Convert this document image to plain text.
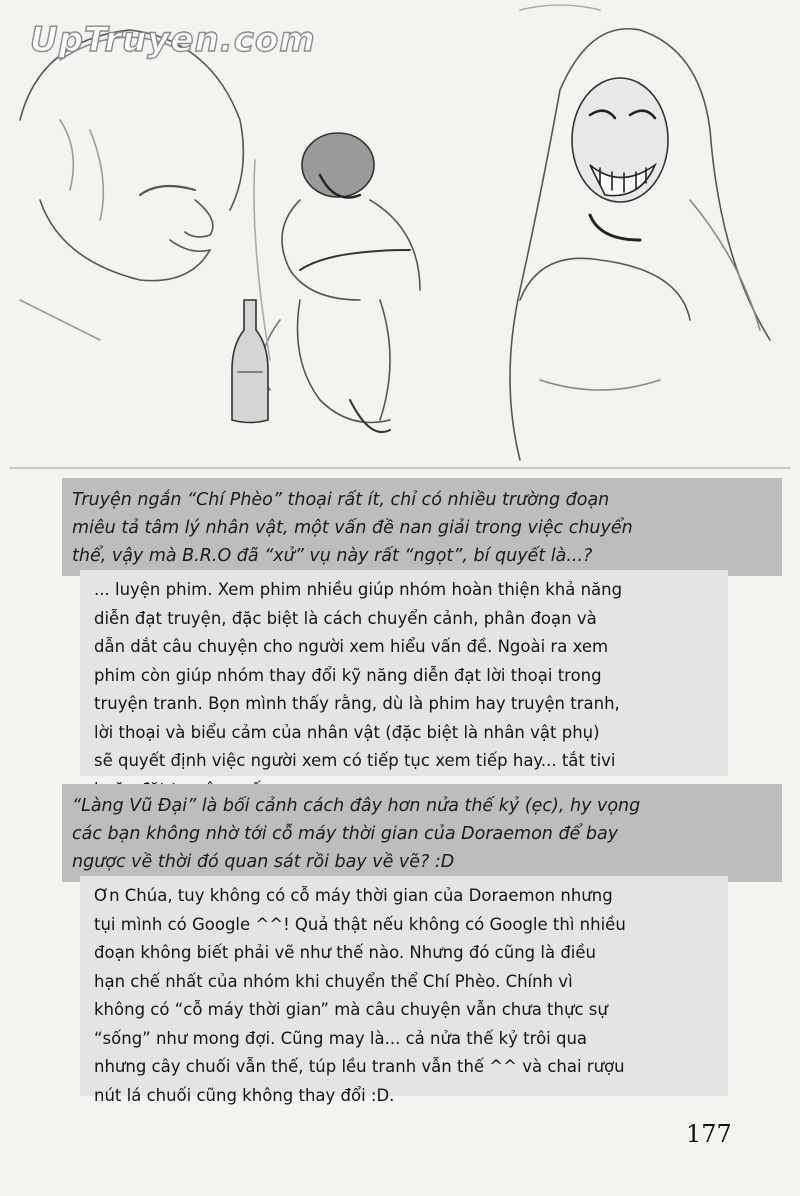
UpTruyen.com
Truyện ngắn “Chí Phèo” thoại rất ít, chỉ có nhiều trường đoạn
miêu tả tâm lý nhân vật, một vấn đề nan giải trong việc chuyển
thể, vậy mà B.R.O đã “xử” vụ này rất “ngọt”, bí quyết là...?
... luyện phim. Xem phim nhiều giúp nhóm hoàn thiện khả năng
diễn đạt truyện, đặc biệt là cách chuyển cảnh, phân đoạn và
dẫn dắt câu chuyện cho người xem hiểu vấn đề. Ngoài ra xem
phim còn giúp nhóm thay đổi kỹ năng diễn đạt lời thoại trong
truyện tranh. Bọn mình thấy rằng, dù là phim hay truyện tranh,
lời thoại và biểu cảm của nhân vật (đặc biệt là nhân vật phụ)
sẽ quyết định việc người xem có tiếp tục xem tiếp hay... tắt tivi
“Làng Vũ Đại” là bối cảnh cách đây hơn nửa thế kỷ (ẹc), hy vọng
các bạn không nhờ tới cỗ máy thời gian của Doraemon để bay
ngược về thời đó quan sát rồi bay về vẽ? :D
Ơn Chúa, tuy không có cỗ máy thời gian của Doraemon nhưng
tụi mình có Google ^^! Quả thật nếu không có Google thì nhiều
đoạn không biết phải vẽ như thế nào. Nhưng đó cũng là điều
hạn chế nhất của nhóm khi chuyển thể Chí Phèo. Chính vì
không có “cỗ máy thời gian” mà câu chuyện vẫn chưa thực sự
“sống” như mong đợi. Cũng may là... cả nửa thế kỷ trôi qua
nhưng cây chuối vẫn thế, túp lều tranh vẫn thế ^^ và chai rượu
nút lá chuối cũng không thay đổi :D.
177
